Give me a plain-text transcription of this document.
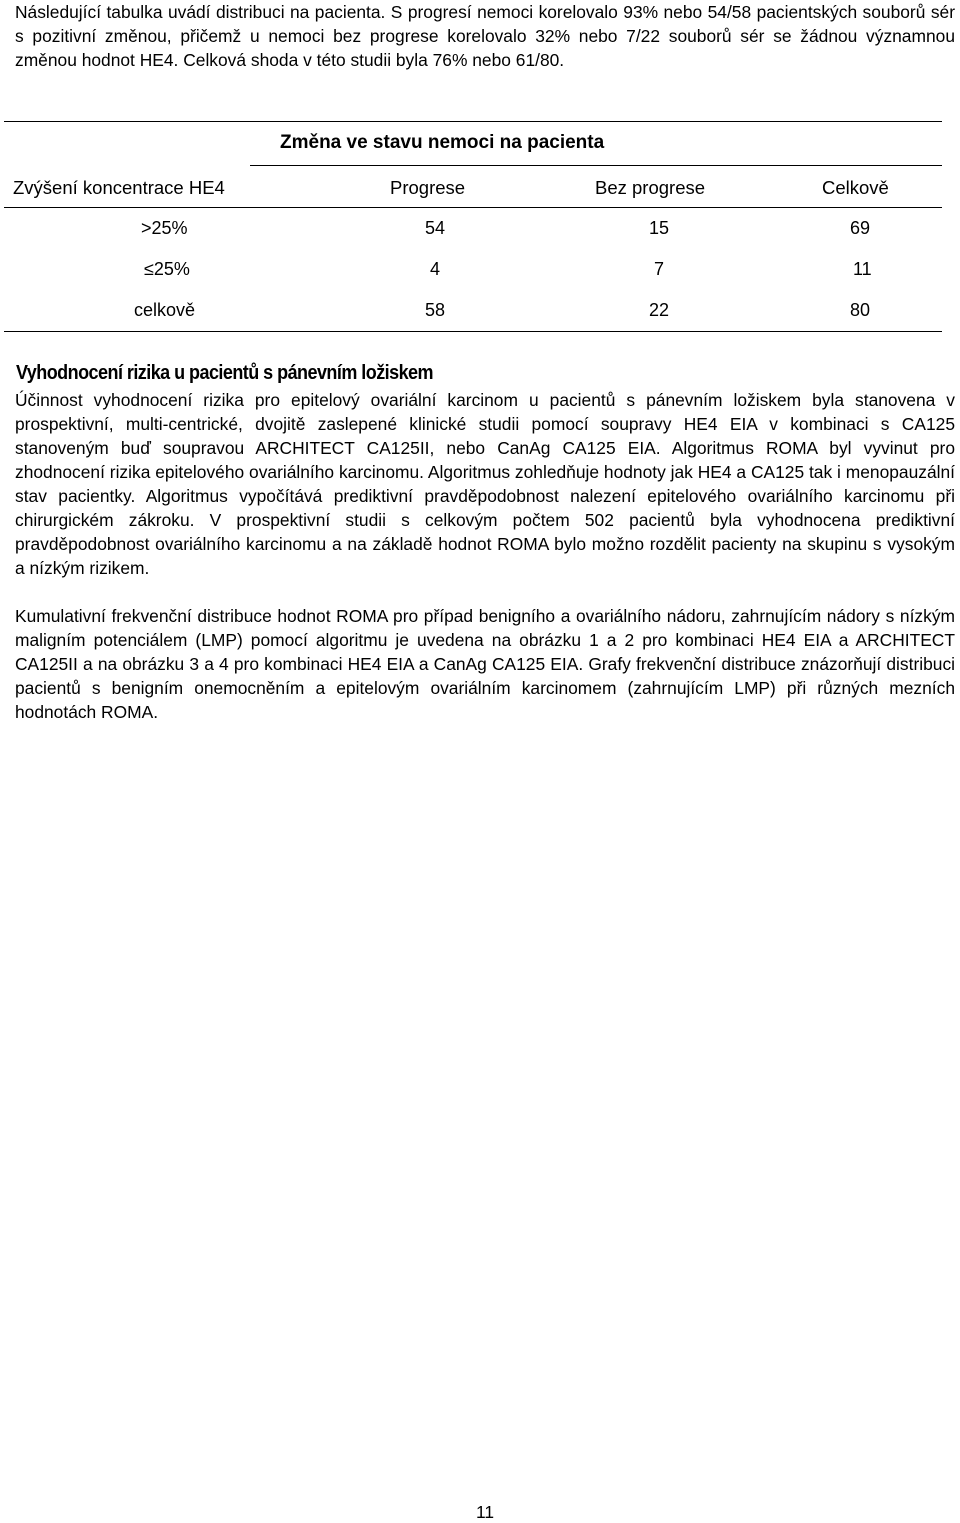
Následující tabulka uvádí distribuci na pacienta. S progresí nemoci korelovalo 93% nebo 54/58 pacientských souborů sér s pozitivní změnou, přičemž u nemoci bez progrese korelovalo 32% nebo 7/22 souborů sér se žádnou významnou změnou hodnot HE4. Celková shoda v této studii byla 76% nebo 61/80.

Změna ve stavu nemoci na pacienta
Zvýšení koncentrace HE4	Progrese	Bez progrese	Celkově
>25%	54	15	69
≤25%	4	7	11
celkově	58	22	80
Vyhodnocení rizika u pacientů s pánevním ložiskem

Účinnost vyhodnocení rizika pro epitelový ovariální karcinom u pacientů s pánevním ložiskem byla stanovena v prospektivní, multi-centrické, dvojitě zaslepené klinické studii pomocí soupravy HE4 EIA v kombinaci s CA125 stanoveným buď soupravou ARCHITECT CA125II, nebo CanAg CA125 EIA. Algoritmus ROMA byl vyvinut pro zhodnocení rizika epitelového ovariálního karcinomu. Algoritmus zohledňuje hodnoty jak HE4 a CA125 tak i menopauzální stav pacientky. Algoritmus vypočítává prediktivní pravděpodobnost nalezení epitelového ovariálního karcinomu při chirurgickém zákroku. V prospektivní studii s celkovým počtem 502 pacientů byla vyhodnocena prediktivní pravděpodobnost ovariálního karcinomu a na základě hodnot ROMA bylo možno rozdělit pacienty na skupinu s vysokým a nízkým rizikem.

Kumulativní frekvenční distribuce hodnot ROMA pro případ benigního a ovariálního nádoru, zahrnujícím nádory s nízkým maligním potenciálem (LMP) pomocí algoritmu je uvedena na obrázku 1 a 2 pro kombinaci HE4 EIA a ARCHITECT CA125II a na obrázku 3 a 4 pro kombinaci HE4 EIA a CanAg CA125 EIA. Grafy frekvenční distribuce znázorňují distribuci pacientů s benigním onemocněním a epitelovým ovariálním karcinomem (zahrnujícím LMP) při různých mezních hodnotách ROMA.

11
